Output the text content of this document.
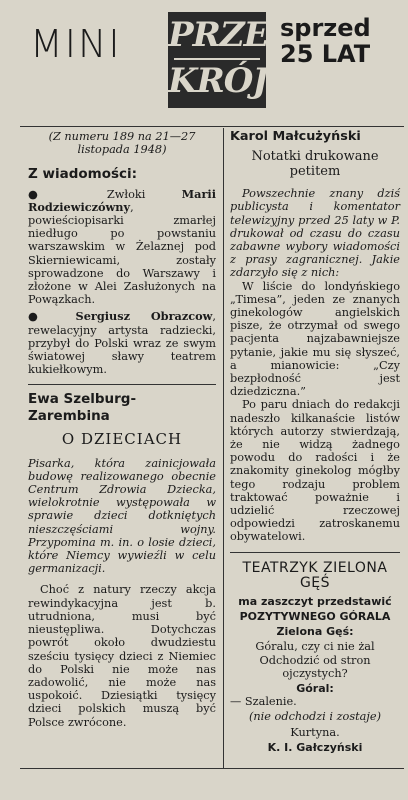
MINI PRZE
KRÓJ
sprzed
25 LAT

(Z numeru 189 na 21—27 listopada 1948)

Z wiadomości:

● Zwłoki Marii Rodziewiczówny, powieściopisarki zmarłej niedługo po powstaniu warszawskim w Żelaznej pod Skierniewicami, zostały sprowadzone do Warszawy i złożone w Alei Zasłużonych na Powązkach.

● Sergiusz Obrazcow, rewelacyjny artysta radziecki, przybył do Polski wraz ze swym światowej sławy teatrem kukiełkowym.

Ewa Szelburg-Zarembina

O DZIECIACH

Pisarka, która zainicjowała budowę realizowanego obecnie Centrum Zdrowia Dziecka, wielokrotnie występowała w sprawie dzieci dotkniętych nieszczęściami wojny. Przypomina m. in. o losie dzieci, które Niemcy wywieźli w celu germanizacji.

Choć z natury rzeczy akcja rewindykacyjna jest b. utrudniona, musi być nieustępliwa. Dotychczas powrót około dwudziestu sześciu tysięcy dzieci z Niemiec do Polski nie może nas zadowolić, nie może nas uspokoić. Dziesiątki tysięcy dzieci polskich muszą być Polsce zwrócone.

Karol Małcużyński

Notatki drukowane petitem

Powszechnie znany dziś publicysta i komentator telewizyjny przed 25 laty w P. drukował od czasu do czasu zabawne wybory wiadomości z prasy zagranicznej. Jakie zdarzyło się z nich:

W liście do londyńskiego „Timesa”, jeden ze znanych ginekologów angielskich pisze, że otrzymał od swego pacjenta najzabawniejsze pytanie, jakie mu się słyszeć, a mianowicie: „Czy bezpłodność jest dziedziczna.”

Po paru dniach do redakcji nadeszło kilkanaście listów których autorzy stwierdzają, że nie widzą żadnego powodu do radości i że znakomity ginekolog mógłby tego rodzaju problem traktować poważnie i udzielić rzeczowej odpowiedzi zatroskanemu obywatelowi.

TEATRZYK ZIELONA GĘŚ

ma zaszczyt przedstawić

POZYTYWNEGO GÓRALA

Zielona Gęś:

Góralu, czy ci nie żal Odchodzić od stron ojczystych?

Góral:

— Szalenie.

(nie odchodzi i zostaje)

Kurtyna.

K. I. Gałczyński
